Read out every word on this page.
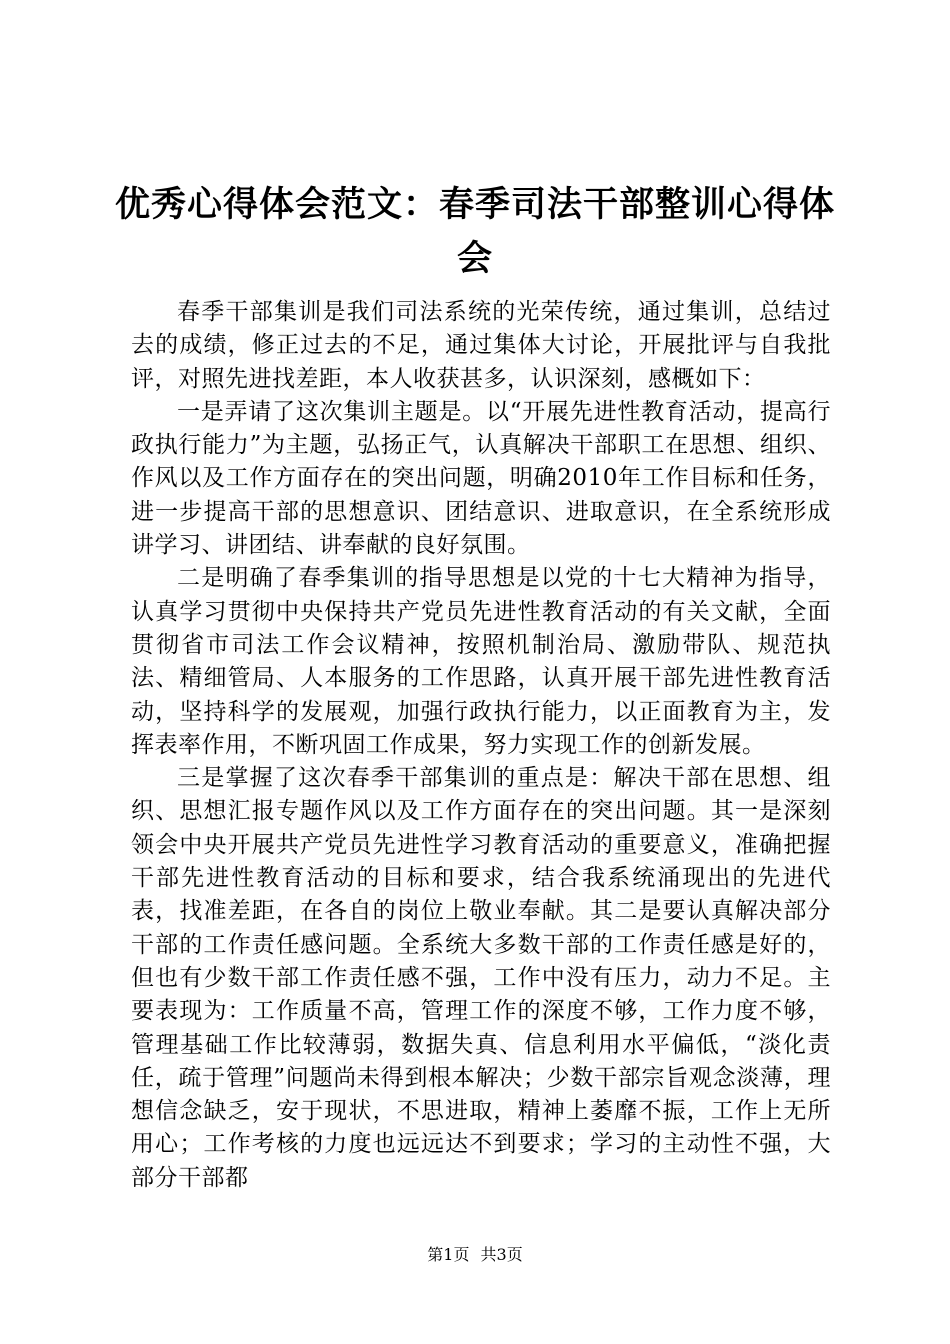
优秀心得体会范文：春季司法干部整训心得体会

春季干部集训是我们司法系统的光荣传统，通过集训，总结过去的成绩，修正过去的不足，通过集体大讨论，开展批评与自我批评，对照先进找差距，本人收获甚多，认识深刻，感概如下：

一是弄请了这次集训主题是。以“开展先进性教育活动，提高行政执行能力”为主题，弘扬正气，认真解决干部职工在思想、组织、作风以及工作方面存在的突出问题，明确2010年工作目标和任务，进一步提高干部的思想意识、团结意识、进取意识，在全系统形成讲学习、讲团结、讲奉献的良好氛围。

二是明确了春季集训的指导思想是以党的十七大精神为指导，认真学习贯彻中央保持共产党员先进性教育活动的有关文献，全面贯彻省市司法工作会议精神，按照机制治局、激励带队、规范执法、精细管局、人本服务的工作思路，认真开展干部先进性教育活动，坚持科学的发展观，加强行政执行能力，以正面教育为主，发挥表率作用，不断巩固工作成果，努力实现工作的创新发展。

三是掌握了这次春季干部集训的重点是：解决干部在思想、组织、思想汇报专题作风以及工作方面存在的突出问题。其一是深刻领会中央开展共产党员先进性学习教育活动的重要意义，准确把握干部先进性教育活动的目标和要求，结合我系统涌现出的先进代表，找准差距，在各自的岗位上敬业奉献。其二是要认真解决部分干部的工作责任感问题。全系统大多数干部的工作责任感是好的，但也有少数干部工作责任感不强，工作中没有压力，动力不足。主要表现为：工作质量不高，管理工作的深度不够，工作力度不够，管理基础工作比较薄弱，数据失真、信息利用水平偏低，“淡化责任，疏于管理”问题尚未得到根本解决；少数干部宗旨观念淡薄，理想信念缺乏，安于现状，不思进取，精神上萎靡不振，工作上无所用心；工作考核的力度也远远达不到要求；学习的主动性不强，大部分干部都

第1页 共3页
